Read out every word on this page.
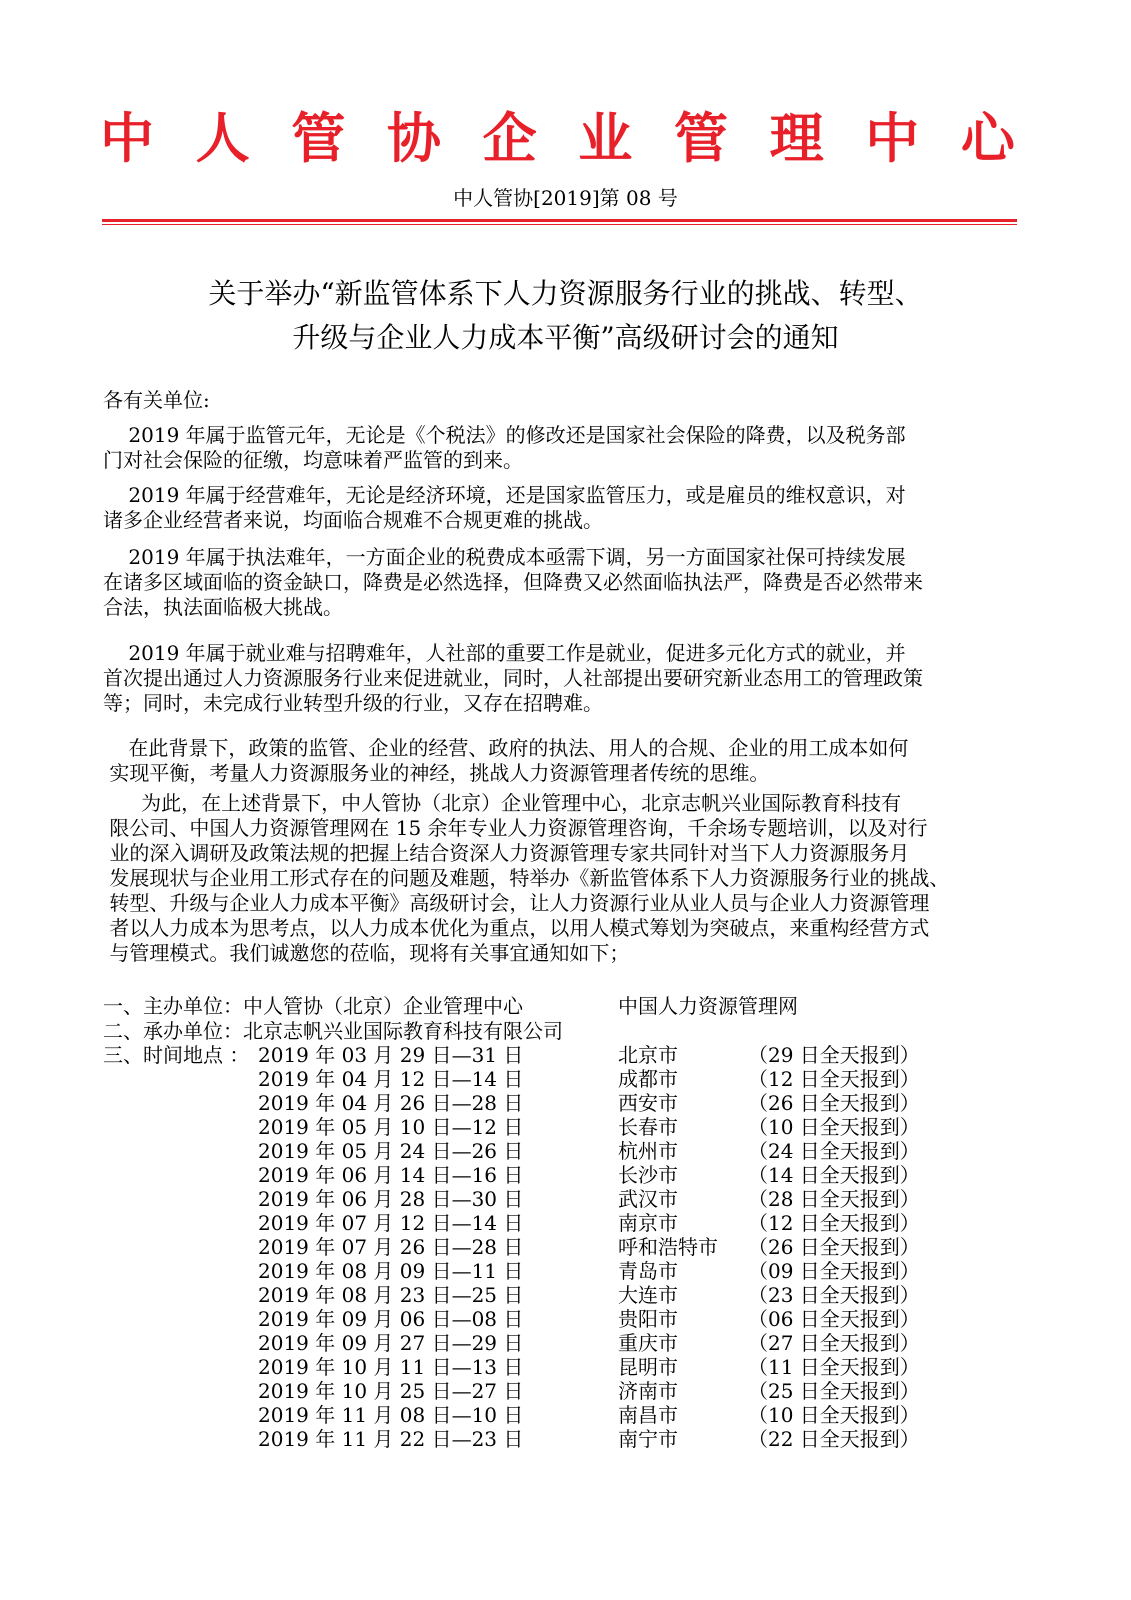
中 人 管 协 企 业 管 理 中 心
中人管协[2019]第 08 号
关于举办“新监管体系下人力资源服务行业的挑战、转型、
升级与企业人力成本平衡”高级研讨会的通知
各有关单位:
2019 年属于监管元年，无论是《个税法》的修改还是国家社会保险的降费，以及税务部
门对社会保险的征缴，均意味着严监管的到来。
2019 年属于经营难年，无论是经济环境，还是国家监管压力，或是雇员的维权意识，对
诸多企业经营者来说，均面临合规难不合规更难的挑战。
2019 年属于执法难年，一方面企业的税费成本亟需下调，另一方面国家社保可持续发展
在诸多区域面临的资金缺口，降费是必然选择，但降费又必然面临执法严，降费是否必然带来
合法，执法面临极大挑战。
2019 年属于就业难与招聘难年，人社部的重要工作是就业，促进多元化方式的就业，并
首次提出通过人力资源服务行业来促进就业，同时，人社部提出要研究新业态用工的管理政策
等；同时，未完成行业转型升级的行业，又存在招聘难。
在此背景下，政策的监管、企业的经营、政府的执法、用人的合规、企业的用工成本如何
实现平衡，考量人力资源服务业的神经，挑战人力资源管理者传统的思维。
为此，在上述背景下，中人管协（北京）企业管理中心，北京志帆兴业国际教育科技有
限公司、中国人力资源管理网在 15 余年专业人力资源管理咨询，千余场专题培训，以及对行
业的深入调研及政策法规的把握上结合资深人力资源管理专家共同针对当下人力资源服务月
发展现状与企业用工形式存在的问题及难题，特举办《新监管体系下人力资源服务行业的挑战、
转型、升级与企业人力成本平衡》高级研讨会，让人力资源行业从业人员与企业人力资源管理
者以人力成本为思考点，以人力成本优化为重点，以用人模式筹划为突破点，来重构经营方式
与管理模式。我们诚邀您的莅临，现将有关事宜通知如下；
一、主办单位：中人管协（北京）企业管理中心	中国人力资源管理网
二、承办单位：北京志帆兴业国际教育科技有限公司
三、时间地点 ： 2019 年 03 月 29 日—31 日	北京市	（29 日全天报到）
2019 年 04 月 12 日—14 日	成都市	（12 日全天报到）
2019 年 04 月 26 日—28 日	西安市	（26 日全天报到）
2019 年 05 月 10 日—12 日	长春市	（10 日全天报到）
2019 年 05 月 24 日—26 日	杭州市	（24 日全天报到）
2019 年 06 月 14 日—16 日	长沙市	（14 日全天报到）
2019 年 06 月 28 日—30 日	武汉市	（28 日全天报到）
2019 年 07 月 12 日—14 日	南京市	（12 日全天报到）
2019 年 07 月 26 日—28 日	呼和浩特市 （26 日全天报到）
2019 年 08 月 09 日—11 日	青岛市	（09 日全天报到）
2019 年 08 月 23 日—25 日	大连市	（23 日全天报到）
2019 年 09 月 06 日—08 日	贵阳市	（06 日全天报到）
2019 年 09 月 27 日—29 日	重庆市	（27 日全天报到）
2019 年 10 月 11 日—13 日	昆明市	（11 日全天报到）
2019 年 10 月 25 日—27 日	济南市	（25 日全天报到）
2019 年 11 月 08 日—10 日	南昌市	（10 日全天报到）
2019 年 11 月 22 日—23 日	南宁市	（22 日全天报到）
